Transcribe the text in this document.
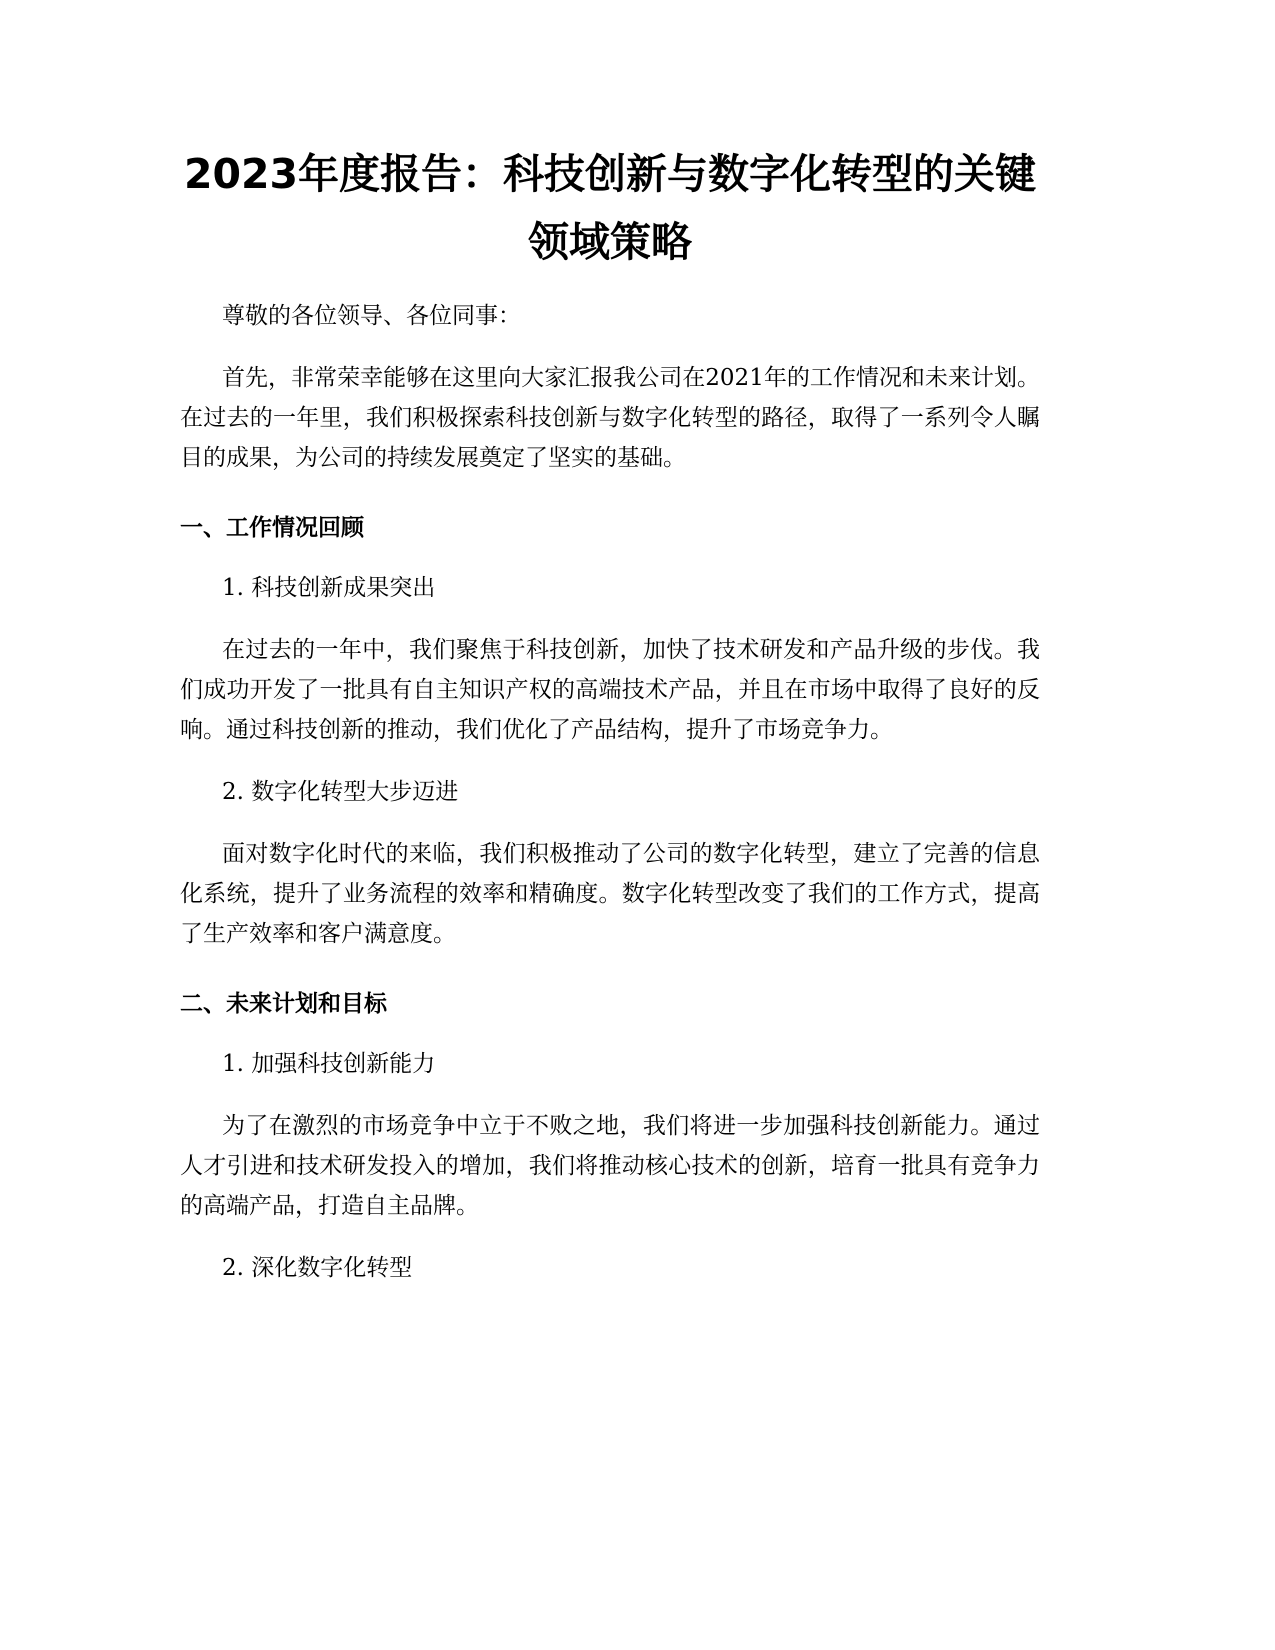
2023年度报告：科技创新与数字化转型的关键领域策略

尊敬的各位领导、各位同事：

首先，非常荣幸能够在这里向大家汇报我公司在2021年的工作情况和未来计划。在过去的一年里，我们积极探索科技创新与数字化转型的路径，取得了一系列令人瞩目的成果，为公司的持续发展奠定了坚实的基础。

一、工作情况回顾

1. 科技创新成果突出

在过去的一年中，我们聚焦于科技创新，加快了技术研发和产品升级的步伐。我们成功开发了一批具有自主知识产权的高端技术产品，并且在市场中取得了良好的反响。通过科技创新的推动，我们优化了产品结构，提升了市场竞争力。

2. 数字化转型大步迈进

面对数字化时代的来临，我们积极推动了公司的数字化转型，建立了完善的信息化系统，提升了业务流程的效率和精确度。数字化转型改变了我们的工作方式，提高了生产效率和客户满意度。

二、未来计划和目标

1. 加强科技创新能力

为了在激烈的市场竞争中立于不败之地，我们将进一步加强科技创新能力。通过人才引进和技术研发投入的增加，我们将推动核心技术的创新，培育一批具有竞争力的高端产品，打造自主品牌。

2. 深化数字化转型
